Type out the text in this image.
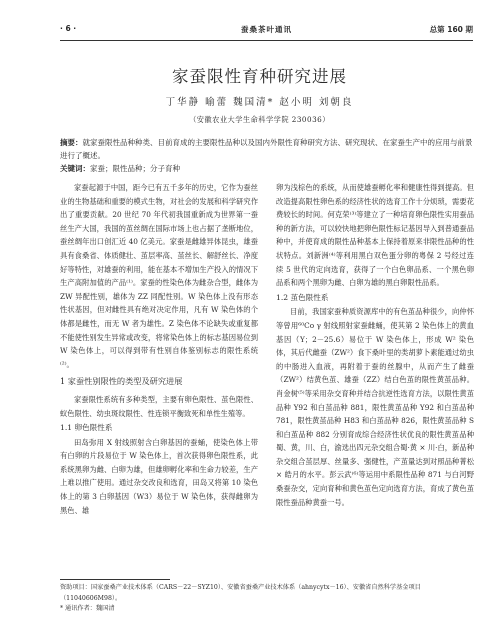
· 6 ·	蚕桑茶叶通讯	总第 160 期
家蚕限性育种研究进展
丁华静 喻蕾 魏国清* 赵小明 刘朝良
（安徽农业大学生命科学学院 230036）
摘要：就家蚕限性品种种类、目前育成的主要限性品种以及国内外限性育种研究方法、研究现状、在家蚕生产中的应用与前景进行了概述。
关键词：家蚕；限性品种；分子育种

家蚕起源于中国，距今已有五千多年的历史，它作为蚕丝业的生物基础和重要的模式生物，对社会的发展和科学研究作出了重要贡献。20 世纪 70 年代初我国重新成为世界第一蚕丝生产大国，我国的茧丝绸在国际市场上也占据了垄断地位，蚕丝绸年出口创汇近 40 亿美元。家蚕是雌雄异体昆虫，雄蚕具有食桑省、体质健壮、茧层率高、茧丝长、解舒丝长、净度好等特性，对雄蚕的利用，能在基本不增加生产投入的情况下生产高附加值的产品⁽¹⁾。家蚕的性染色体为雌杂合型，雌体为 ZW 异配性别，雄体为 ZZ 同配性别。W 染色体上没有形态性状基因，但对雌性具有绝对决定作用，凡有 W 染色体的个体都是雌性，而无 W 者为雄性。Z 染色体不论缺失或重复都不能使性别发生异常或改变，将常染色体上的标志基因易位到 W 染色体上，可以得到带有性别自体鉴别标志的限性系统⁽²⁾。

1 家蚕性别限性的类型及研究进展

家蚕限性系统有多种类型，主要有卵色限性、茧色限性、蚁色限性、幼虫斑纹限性、性连锁平衡致死和单性生殖等。

1.1 卵色限性系

田岛弥用 X 射线照射含白卵基因的蚕蛹，使染色体上带有白卵的片段易位于 W 染色体上，首次获得卵色限性系，此系统黑卵为雌、白卵为雄，但雄卵孵化率和生命力较差，生产上难以推广使用。通过杂交改良和选育，田岛又将第 10 染色体上的第 3 白卵基因（W3）易位于 W 染色体，获得雌卵为黑色、雄

卵为浅棕色的系统，从而使雄蚕孵化率和健康性得到提高。但改造提高限性卵色系的经济性状的选育工作十分烦琐，需要花费较长的时间。何克荣⁽³⁾等建立了一种培育卵色限性实用蚕品种的新方法，可以较快地把卵色限性标记基因导入到普通蚕品种中，并使育成的限性品种基本上保持着原来非限性品种的性状特点。刘新洲⁽⁴⁾等利用黑白双色蛋分卵的粤保 2 号经过连续 5 世代的定向选育，获得了一个白色卵品系、一个黑色卵品系和两个黑卵为雌、白卵为雄的黑白卵限性品系。

1.2 茧色限性系

目前，我国家蚕种质资源库中的有色茧品种很少，向仲怀等曾用⁶⁰Co γ 射线照射家蚕雌蛹，使其第 2 染色体上的黄血基因（Y；2－25.6）易位于 W 染色体上，形成 W² 染色体，其后代雌蚕（ZW²）食下桑叶里的类胡萝卜素能通过幼虫的中肠进入血液，再附着于蚕的丝腺中，从而产生了雌蚕（ZW²）结黄色茧、雄蚕（ZZ）结白色茧的限性黄茧品种。肖金树⁽⁵⁾等采用杂交育种并结合抗逆性选育方法，以限性黄茧品种 Y92 和白茧品种 881，限性黄茧品种 Y92 和白茧品种 781，限性黄茧品种 H83 和白茧品种 826，限性黄茧品种 S 和白茧品种 882 分别育成综合经济性状优良的限性黄茧品种蜀、黄，川、白，渝选出四元杂交组合蜀·黄 × 川·白，新品种杂交组合茧层厚、丝量多、强健性，产茧量达到对照品种菁松 × 皓月的水平。彭云武⁽⁶⁾等运用中系限性品种 871 与白河野桑蚕杂交，定向育种和黄色茧色定向选育方法，育成了黄色茧限性蚕品种黄蚕一号。

资助项目：国家蚕桑产业技术体系（CARS－22－SYZ10）、安徽省蚕桑产业技术体系（ahnycytx－16）、安徽省自然科学基金项目（11040606M98）。
* 通讯作者：魏国清
